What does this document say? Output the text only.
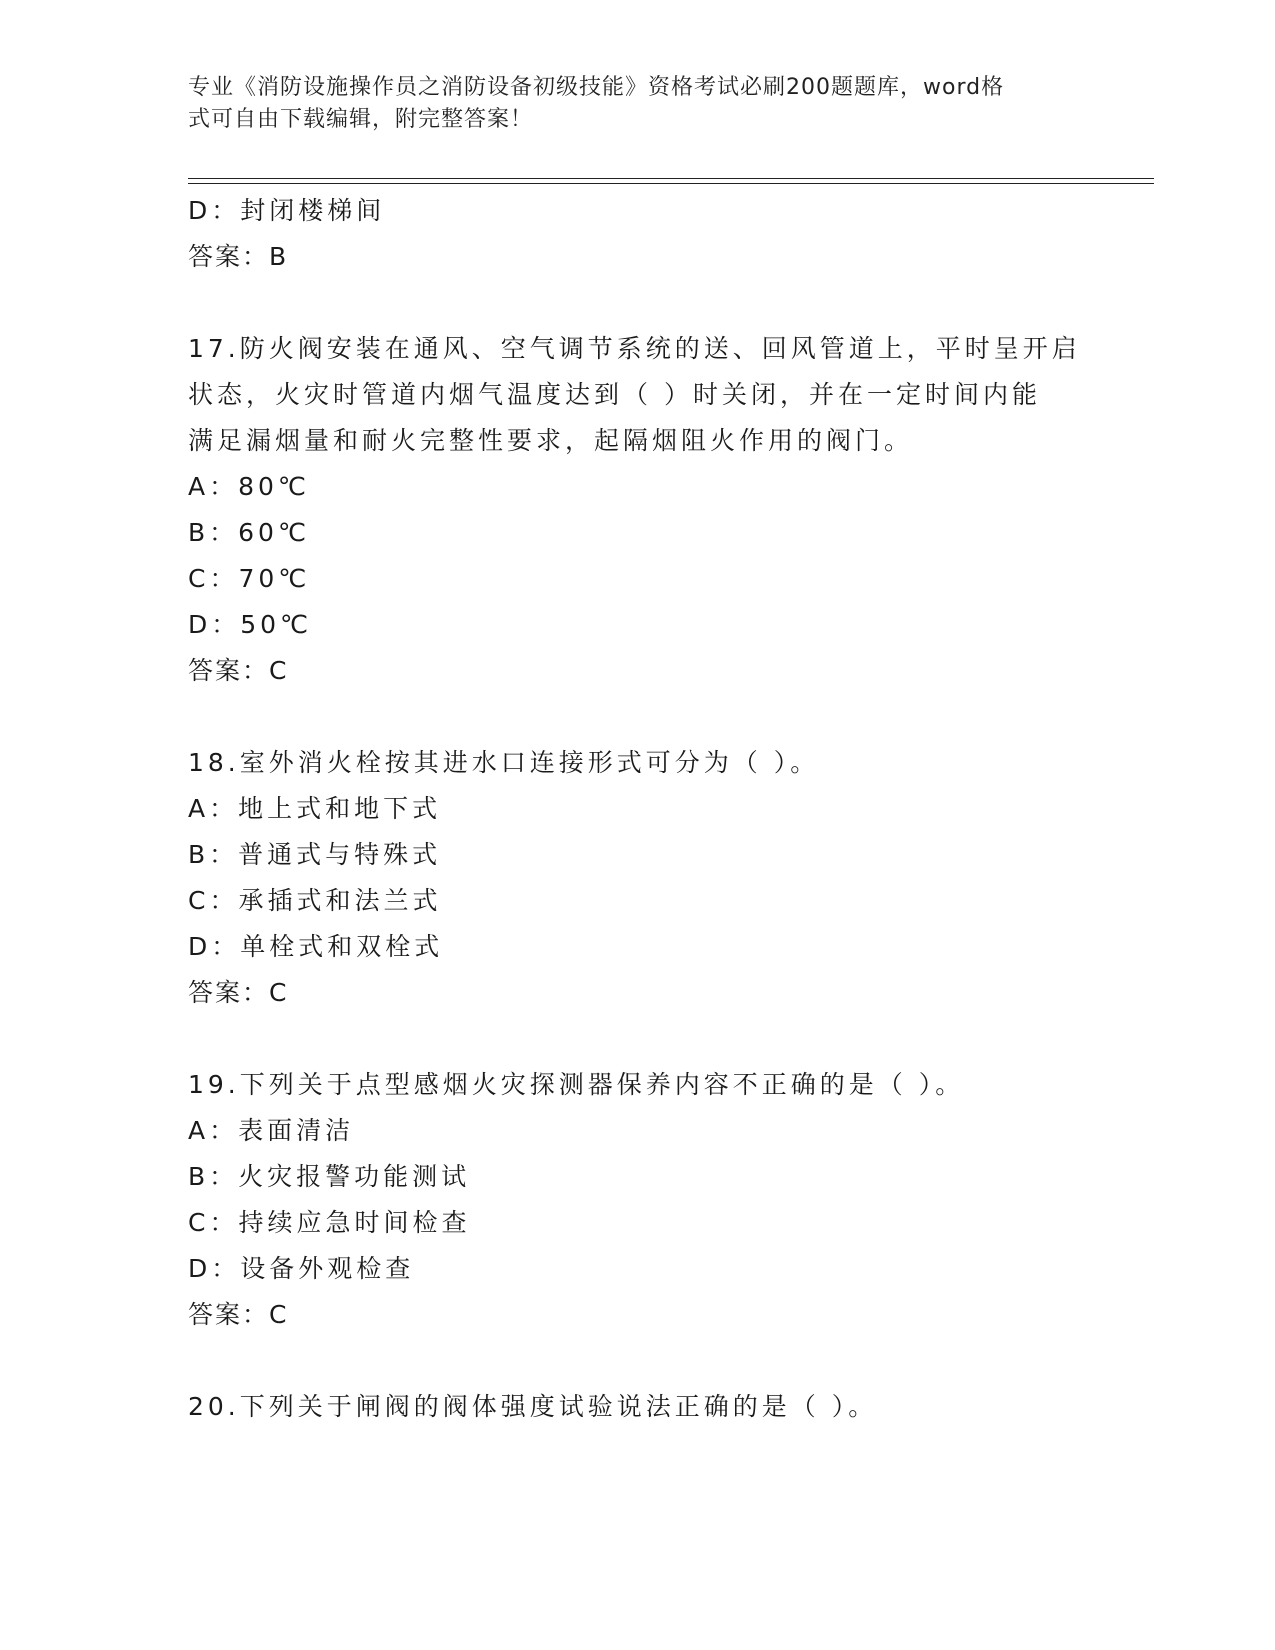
专业《消防设施操作员之消防设备初级技能》资格考试必刷200题题库，word格
式可自由下载编辑，附完整答案！
D：封闭楼梯间
答案：B
17.防火阀安装在通风、空气调节系统的送、回风管道上，平时呈开启
状态，火灾时管道内烟气温度达到（ ）时关闭，并在一定时间内能
满足漏烟量和耐火完整性要求，起隔烟阻火作用的阀门。
A：80℃
B：60℃
C：70℃
D：50℃
答案：C
18.室外消火栓按其进水口连接形式可分为（ ）。
A：地上式和地下式
B：普通式与特殊式
C：承插式和法兰式
D：单栓式和双栓式
答案：C
19.下列关于点型感烟火灾探测器保养内容不正确的是（ ）。
A：表面清洁
B：火灾报警功能测试
C：持续应急时间检查
D：设备外观检查
答案：C
20.下列关于闸阀的阀体强度试验说法正确的是（ ）。
